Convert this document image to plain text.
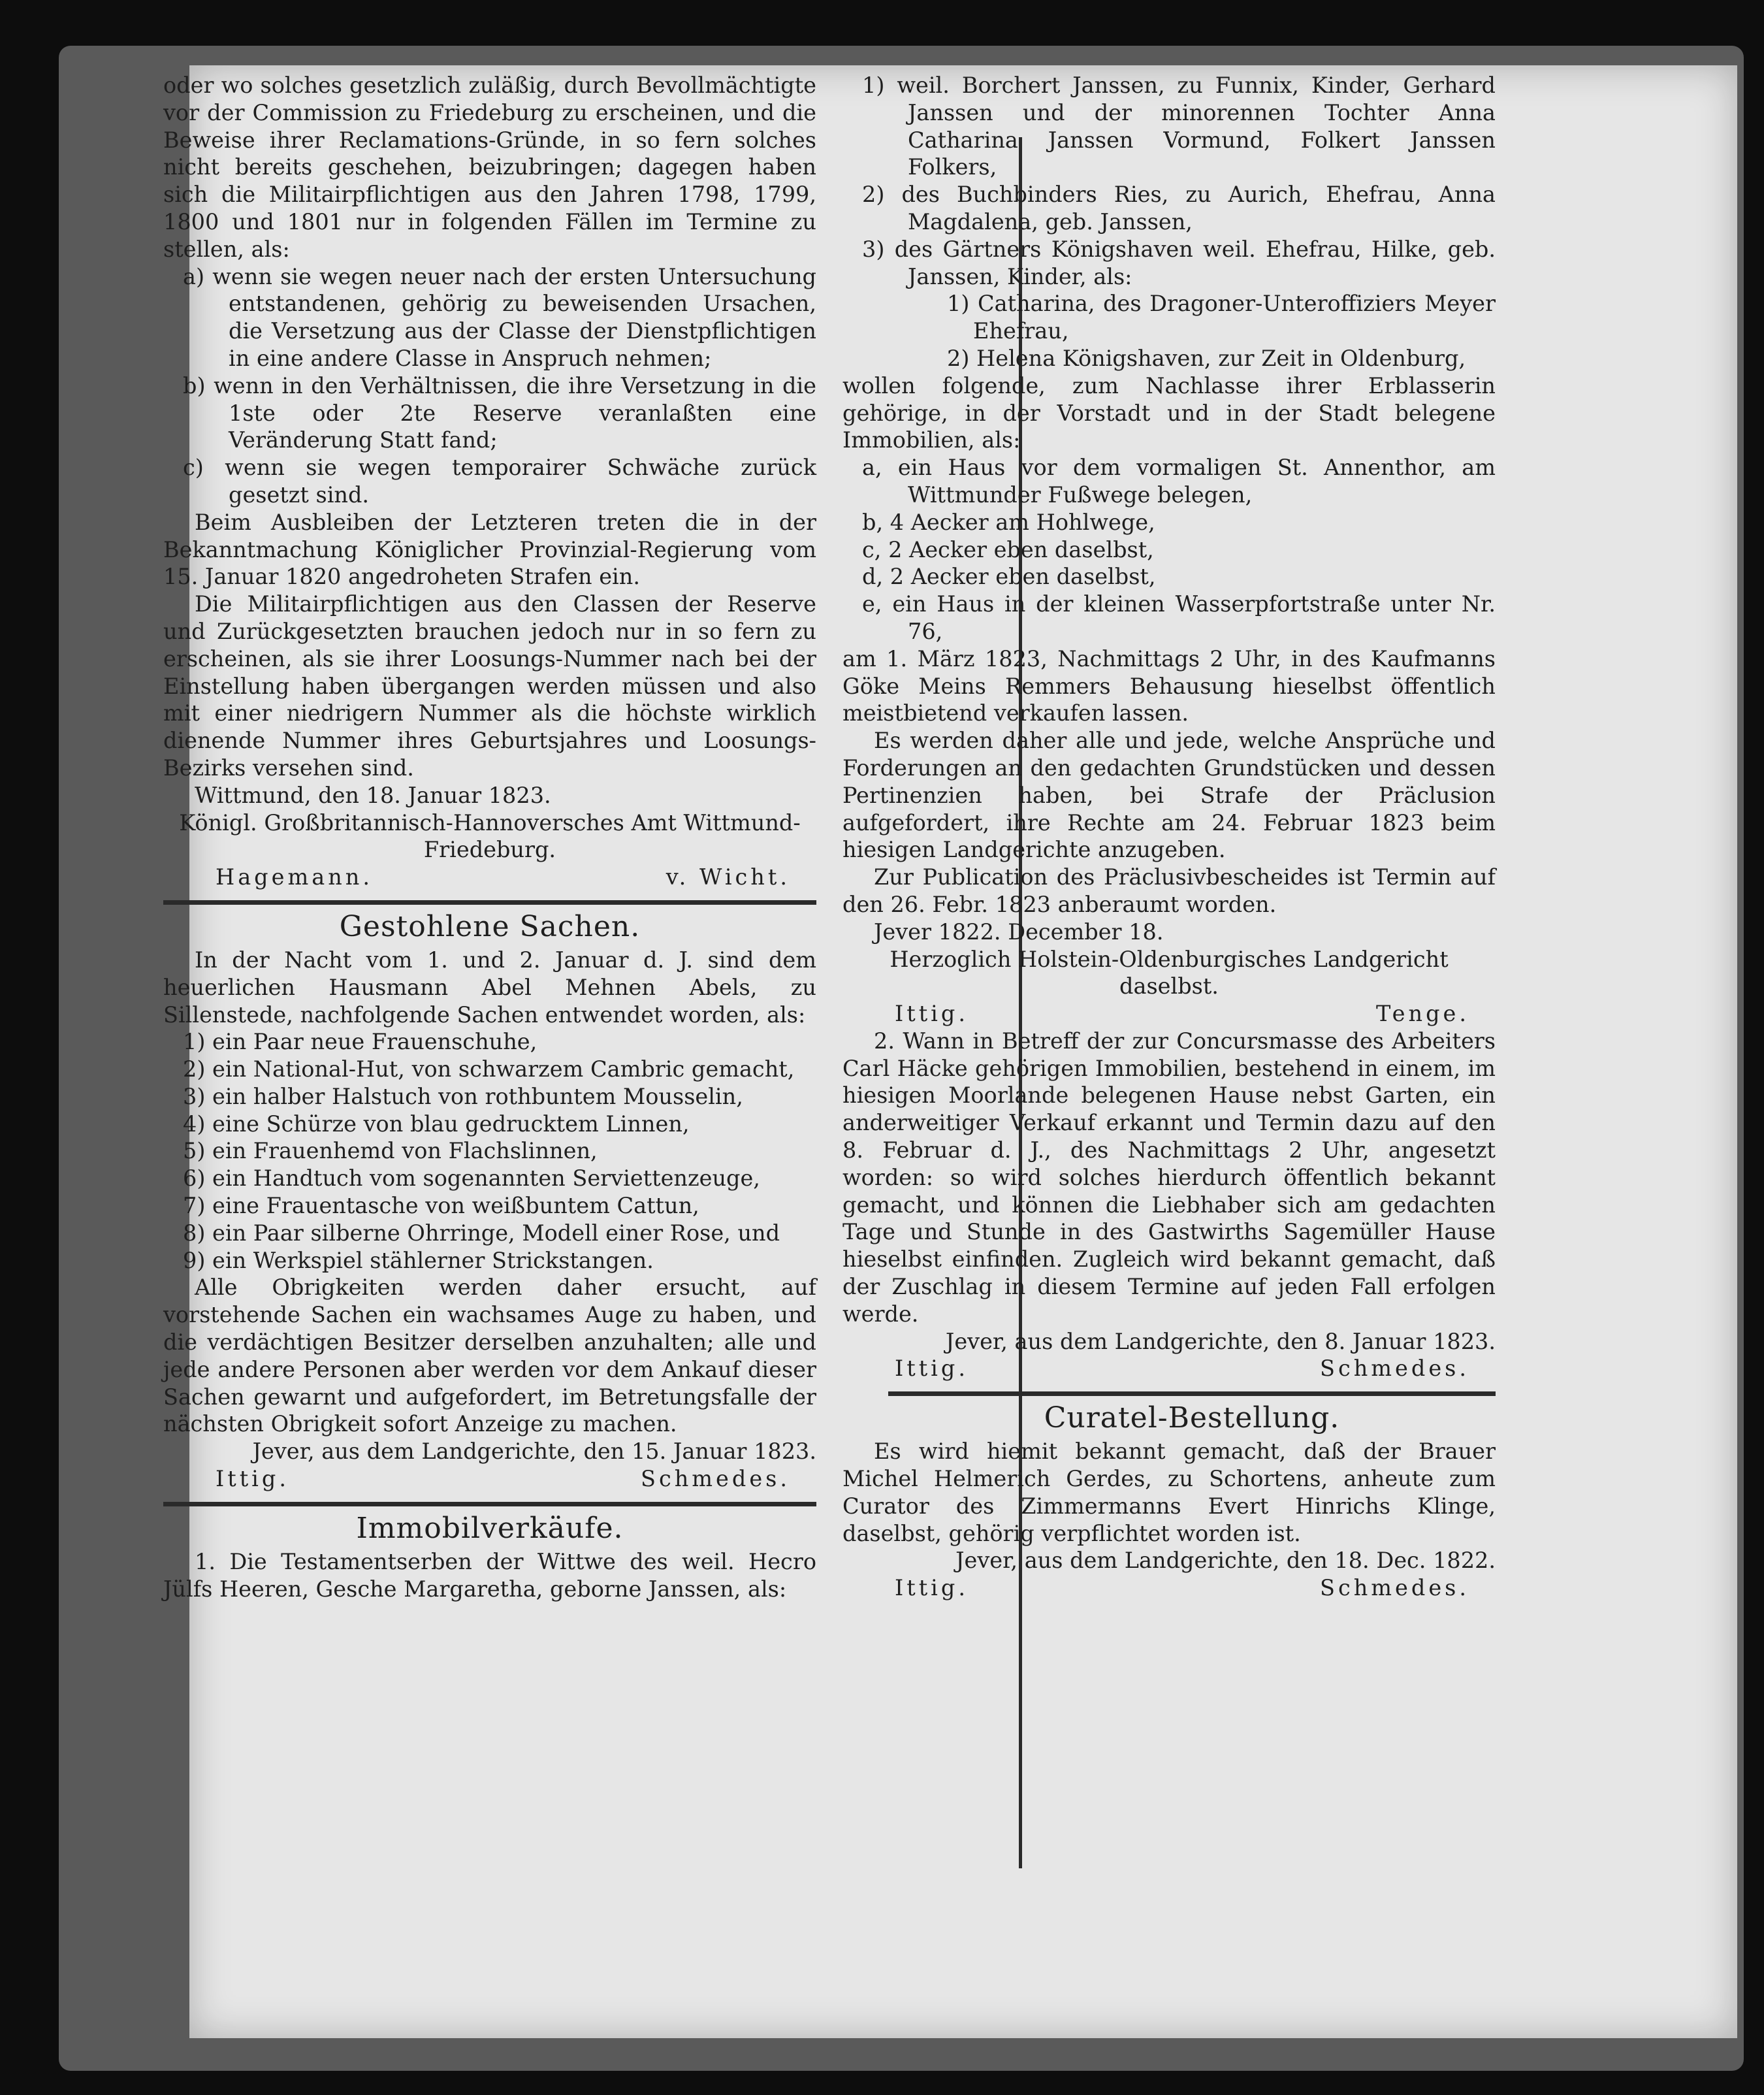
oder wo solches gesetzlich zuläßig, durch Bevollmächtigte vor der Commission zu Friedeburg zu erscheinen, und die Beweise ihrer Reclamations-Gründe, in so fern solches nicht bereits geschehen, beizubringen; dagegen haben sich die Militairpflichtigen aus den Jahren 1798, 1799, 1800 und 1801 nur in folgenden Fällen im Termine zu stellen, als:

a) wenn sie wegen neuer nach der ersten Untersuchung entstandenen, gehörig zu beweisenden Ursachen, die Versetzung aus der Classe der Dienstpflichtigen in eine andere Classe in Anspruch nehmen;

b) wenn in den Verhältnissen, die ihre Versetzung in die 1ste oder 2te Reserve veranlaßten eine Veränderung Statt fand;

c) wenn sie wegen temporairer Schwäche zurück gesetzt sind.

Beim Ausbleiben der Letzteren treten die in der Bekanntmachung Königlicher Provinzial-Regierung vom 15. Januar 1820 angedroheten Strafen ein.

Die Militairpflichtigen aus den Classen der Reserve und Zurückgesetzten brauchen jedoch nur in so fern zu erscheinen, als sie ihrer Loosungs-Nummer nach bei der Einstellung haben übergangen werden müssen und also mit einer niedrigern Nummer als die höchste wirklich dienende Nummer ihres Geburtsjahres und Loosungs-Bezirks versehen sind.

Wittmund, den 18. Januar 1823.

Königl. Großbritannisch-Hannoversches Amt Wittmund-Friedeburg.

Hagemann.	v. Wicht.
Gestohlene Sachen.

In der Nacht vom 1. und 2. Januar d. J. sind dem heuerlichen Hausmann Abel Mehnen Abels, zu Sillenstede, nachfolgende Sachen entwendet worden, als:

1) ein Paar neue Frauenschuhe,

2) ein National-Hut, von schwarzem Cambric gemacht,

3) ein halber Halstuch von rothbuntem Mousselin,

4) eine Schürze von blau gedrucktem Linnen,

5) ein Frauenhemd von Flachslinnen,

6) ein Handtuch vom sogenannten Serviettenzeuge,

7) eine Frauentasche von weißbuntem Cattun,

8) ein Paar silberne Ohrringe, Modell einer Rose, und

9) ein Werkspiel stählerner Strickstangen.

Alle Obrigkeiten werden daher ersucht, auf vorstehende Sachen ein wachsames Auge zu haben, und die verdächtigen Besitzer derselben anzuhalten; alle und jede andere Personen aber werden vor dem Ankauf dieser Sachen gewarnt und aufgefordert, im Betretungsfalle der nächsten Obrigkeit sofort Anzeige zu machen.

Jever, aus dem Landgerichte, den 15. Januar 1823.

Ittig.	Schmedes.
Immobilverkäufe.

1. Die Testamentserben der Wittwe des weil. Hecro Jülfs Heeren, Gesche Margaretha, geborne Janssen, als:

1) weil. Borchert Janssen, zu Funnix, Kinder, Gerhard Janssen und der minorennen Tochter Anna Catharina Janssen Vormund, Folkert Janssen Folkers,

2) des Buchbinders Ries, zu Aurich, Ehefrau, Anna Magdalena, geb. Janssen,

3) des Gärtners Königshaven weil. Ehefrau, Hilke, geb. Janssen, Kinder, als:

1) Catharina, des Dragoner-Unteroffiziers Meyer Ehefrau,

2) Helena Königshaven, zur Zeit in Oldenburg,

wollen folgende, zum Nachlasse ihrer Erblasserin gehörige, in der Vorstadt und in der Stadt belegene Immobilien, als:

a, ein Haus vor dem vormaligen St. Annenthor, am Wittmunder Fußwege belegen,

b, 4 Aecker am Hohlwege,

c, 2 Aecker eben daselbst,

d, 2 Aecker eben daselbst,

e, ein Haus in der kleinen Wasserpfortstraße unter Nr. 76,

am 1. März 1823, Nachmittags 2 Uhr, in des Kaufmanns Göke Meins Remmers Behausung hieselbst öffentlich meistbietend verkaufen lassen.

Es werden daher alle und jede, welche Ansprüche und Forderungen an den gedachten Grundstücken und dessen Pertinenzien haben, bei Strafe der Präclusion aufgefordert, ihre Rechte am 24. Februar 1823 beim hiesigen Landgerichte anzugeben.

Zur Publication des Präclusivbescheides ist Termin auf den 26. Febr. 1823 anberaumt worden.

Jever 1822. December 18.

Herzoglich Holstein-Oldenburgisches Landgericht daselbst.

Ittig.	Tenge.

2. Wann in Betreff der zur Concursmasse des Arbeiters Carl Häcke gehörigen Immobilien, bestehend in einem, im hiesigen Moorlande belegenen Hause nebst Garten, ein anderweitiger Verkauf erkannt und Termin dazu auf den 8. Februar d. J., des Nachmittags 2 Uhr, angesetzt worden: so wird solches hierdurch öffentlich bekannt gemacht, und können die Liebhaber sich am gedachten Tage und Stunde in des Gastwirths Sagemüller Hause hieselbst einfinden. Zugleich wird bekannt gemacht, daß der Zuschlag in diesem Termine auf jeden Fall erfolgen werde.

Jever, aus dem Landgerichte, den 8. Januar 1823.

Ittig.	Schmedes.
Curatel-Bestellung.

Es wird hiemit bekannt gemacht, daß der Brauer Michel Helmerich Gerdes, zu Schortens, anheute zum Curator des Zimmermanns Evert Hinrichs Klinge, daselbst, gehörig verpflichtet worden ist.

Jever, aus dem Landgerichte, den 18. Dec. 1822.

Ittig.	Schmedes.
